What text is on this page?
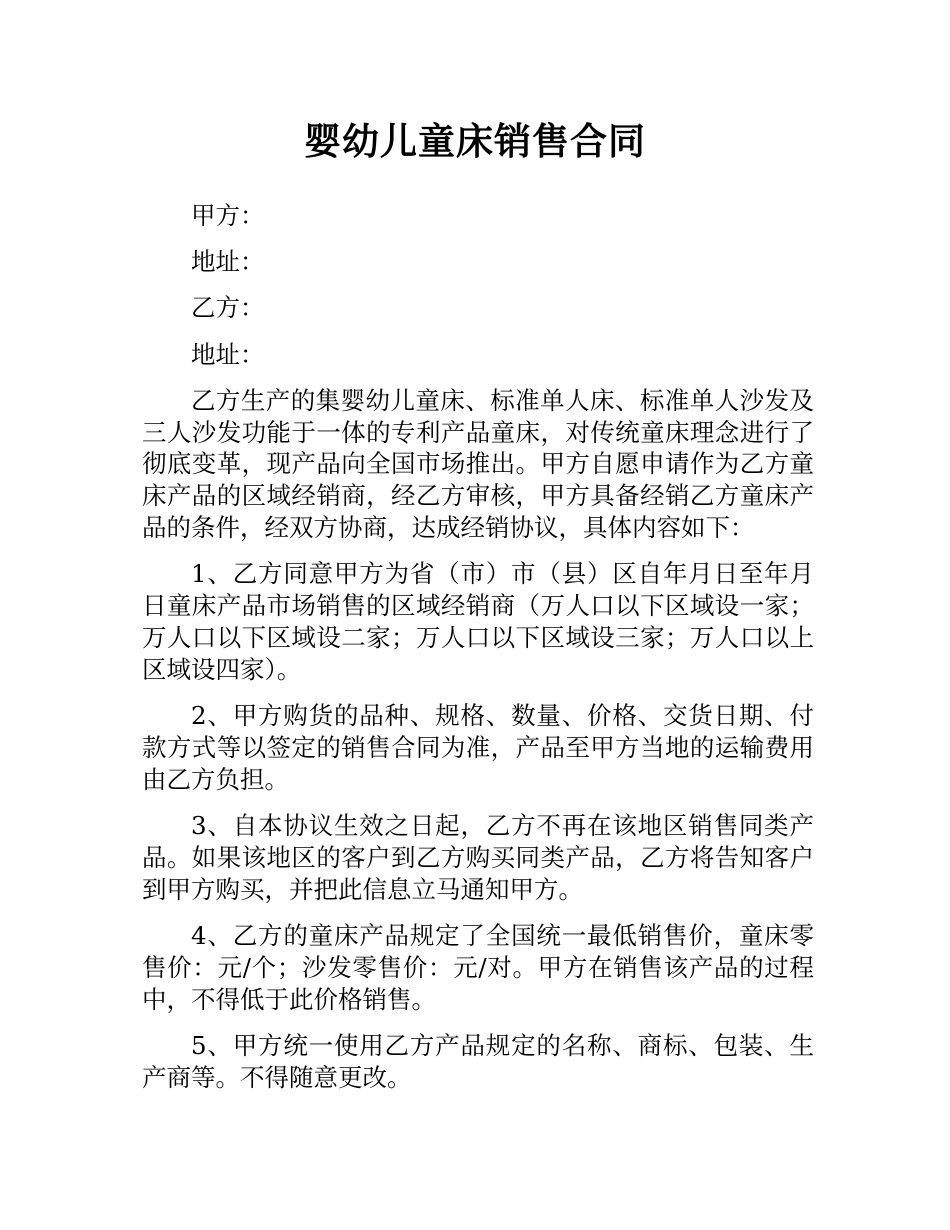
婴幼儿童床销售合同

甲方：

地址：

乙方：

地址：

乙方生产的集婴幼儿童床、标准单人床、标准单人沙发及三人沙发功能于一体的专利产品童床，对传统童床理念进行了彻底变革，现产品向全国市场推出。甲方自愿申请作为乙方童床产品的区域经销商，经乙方审核，甲方具备经销乙方童床产品的条件，经双方协商，达成经销协议，具体内容如下：

1、乙方同意甲方为省（市）市（县）区自年月日至年月日童床产品市场销售的区域经销商（万人口以下区域设一家；万人口以下区域设二家；万人口以下区域设三家；万人口以上区域设四家）。

2、甲方购货的品种、规格、数量、价格、交货日期、付款方式等以签定的销售合同为准，产品至甲方当地的运输费用由乙方负担。

3、自本协议生效之日起，乙方不再在该地区销售同类产品。如果该地区的客户到乙方购买同类产品，乙方将告知客户到甲方购买，并把此信息立马通知甲方。

4、乙方的童床产品规定了全国统一最低销售价，童床零售价：元/个；沙发零售价：元/对。甲方在销售该产品的过程中，不得低于此价格销售。

5、甲方统一使用乙方产品规定的名称、商标、包装、生产商等。不得随意更改。
